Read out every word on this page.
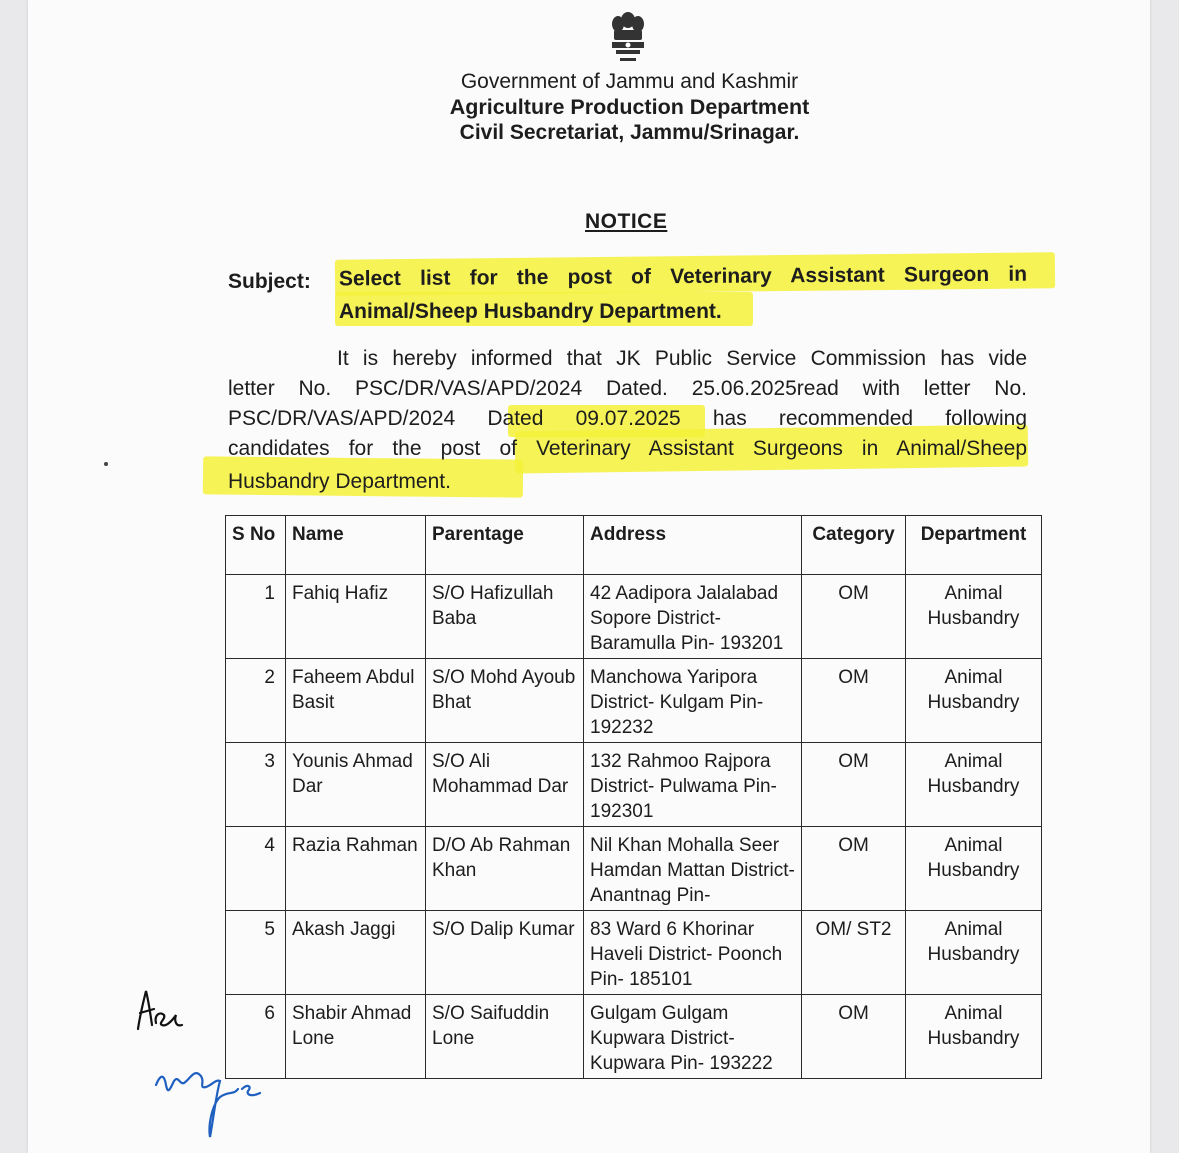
Government of Jammu and Kashmir
Agriculture Production Department
Civil Secretariat, Jammu/Srinagar.
NOTICE
Subject: Select list for the post of Veterinary Assistant Surgeon in
Animal/Sheep Husbandry Department.
It is hereby informed that JK Public Service Commission has vide
letter No. PSC/DR/VAS/APD/2024 Dated. 25.06.2025read with letter No.
PSC/DR/VAS/APD/2024 Dated 09.07.2025 has recommended following
candidates for the post of Veterinary Assistant Surgeons in Animal/Sheep
Husbandry Department.
S No	Name	Parentage	Address	Category	Department
1	Fahiq Hafiz	S/O Hafizullah Baba	42 Aadipora Jalalabad Sopore District- Baramulla Pin- 193201	OM	Animal Husbandry
2	Faheem Abdul Basit	S/O Mohd Ayoub Bhat	Manchowa Yaripora District- Kulgam Pin- 192232	OM	Animal Husbandry
3	Younis Ahmad Dar	S/O Ali Mohammad Dar	132 Rahmoo Rajpora District- Pulwama Pin- 192301	OM	Animal Husbandry
4	Razia Rahman	D/O Ab Rahman Khan	Nil Khan Mohalla Seer Hamdan Mattan District- Anantnag Pin-	OM	Animal Husbandry
5	Akash Jaggi	S/O Dalip Kumar	83 Ward 6 Khorinar Haveli District- Poonch Pin- 185101	OM/ ST2	Animal Husbandry
6	Shabir Ahmad Lone	S/O Saifuddin Lone	Gulgam Gulgam Kupwara District- Kupwara Pin- 193222	OM	Animal Husbandry
